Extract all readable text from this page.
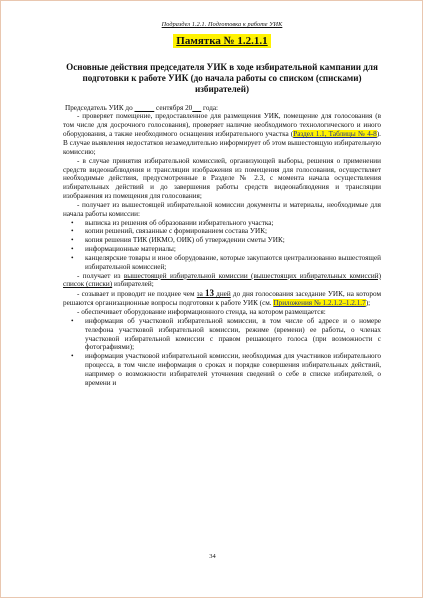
Подраздел 1.2.1. Подготовка к работе УИК
Памятка № 1.2.1.1
Основные действия председателя УИК в ходе избирательной кампании для подготовки к работе УИК (до начала работы со списком (списками) избирателей)

Председатель УИК до	сентября 20      года:

- проверяет помещение, предоставленное для размещения УИК, помещение для голосования (в том числе для досрочного голосования), проверяет наличие необходимого технологического и иного оборудования, а также необходимого оснащения избирательного участка (Раздел 1.1, Таблицы № 4-8). В случае выявления недостатков незамедлительно информирует об этом вышестоящую избирательную комиссию;

- в случае принятия избирательной комиссией, организующей выборы, решения о применении средств видеонаблюдения и трансляции изображения из помещения для голосования, осуществляет необходимые действия, предусмотренные в Разделе № 2.3, с момента начала осуществления избирательных действий и до завершения работы средств видеонаблюдения и трансляции изображения из помещения для голосования;

- получает из вышестоящей избирательной комиссии документы и материалы, необходимые для начала работы комиссии:

• выписка из решения об образовании избирательного участка;

• копии решений, связанные с формированием состава УИК;

• копия решения ТИК (ИКМО, ОИК) об утверждении сметы УИК;

• информационные материалы;

• канцелярские товары и иное оборудование, которые закупаются централизованно вышестоящей избирательной комиссией;

- получает из вышестоящей избирательной комиссии (вышестоящих избирательных комиссий) список (списки) избирателей;

- созывает и проводит не позднее чем за 13 дней до дня голосования заседание УИК, на котором решаются организационные вопросы подготовки к работе УИК (см. Приложения № 1.2.1.2–1.2.1.7);

- обеспечивает оборудование информационного стенда, на котором размещается:

• информация об участковой избирательной комиссии, в том числе об адресе и о номере телефона участковой избирательной комиссии, режиме (времени) ее работы, о членах участковой избирательной комиссии с правом решающего голоса (при возможности с фотографиями);

• информация участковой избирательной комиссии, необходимая для участников избирательного процесса, в том числе информация о сроках и порядке совершения избирательных действий, например о возможности избирателей уточнения сведений о себе в списке избирателей, о времени и

34
